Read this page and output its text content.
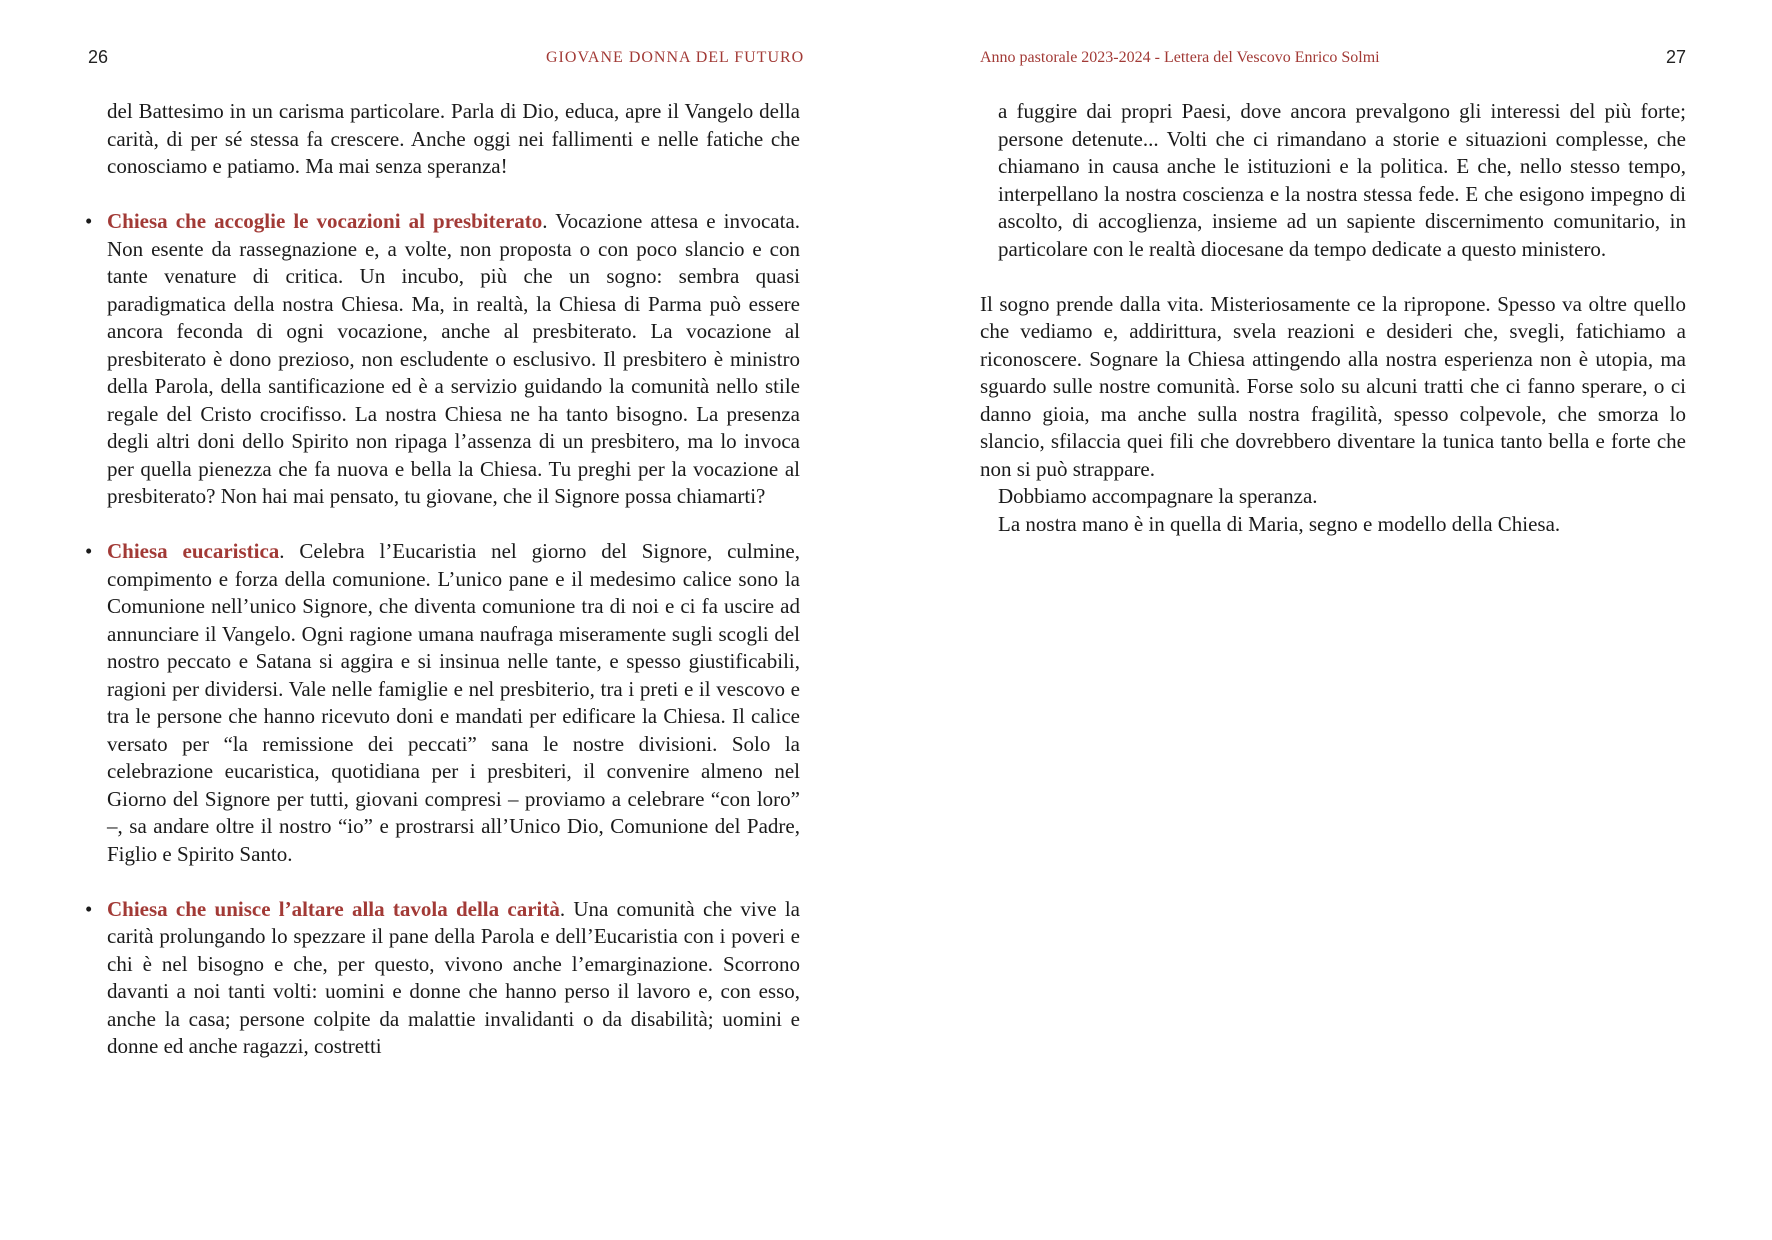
26	GIOVANE DONNA DEL FUTURO

del Battesimo in un carisma particolare. Parla di Dio, educa, apre il Vangelo della carità, di per sé stessa fa crescere. Anche oggi nei fallimenti e nelle fatiche che conosciamo e patiamo. Ma mai senza speranza!

• Chiesa che accoglie le vocazioni al presbiterato. Vocazione attesa e invocata. Non esente da rassegnazione e, a volte, non proposta o con poco slancio e con tante venature di critica. Un incubo, più che un sogno: sembra quasi paradigmatica della nostra Chiesa. Ma, in realtà, la Chiesa di Parma può essere ancora feconda di ogni vocazione, anche al presbiterato. La vocazione al presbiterato è dono prezioso, non escludente o esclusivo. Il presbitero è ministro della Parola, della santificazione ed è a servizio guidando la comunità nello stile regale del Cristo crocifisso. La nostra Chiesa ne ha tanto bisogno. La presenza degli altri doni dello Spirito non ripaga l’assenza di un presbitero, ma lo invoca per quella pienezza che fa nuova e bella la Chiesa. Tu preghi per la vocazione al presbiterato? Non hai mai pensato, tu giovane, che il Signore possa chiamarti?

• Chiesa eucaristica. Celebra l’Eucaristia nel giorno del Signore, culmine, compimento e forza della comunione. L’unico pane e il medesimo calice sono la Comunione nell’unico Signore, che diventa comunione tra di noi e ci fa uscire ad annunciare il Vangelo. Ogni ragione umana naufraga miseramente sugli scogli del nostro peccato e Satana si aggira e si insinua nelle tante, e spesso giustificabili, ragioni per dividersi. Vale nelle famiglie e nel presbiterio, tra i preti e il vescovo e tra le persone che hanno ricevuto doni e mandati per edificare la Chiesa. Il calice versato per “la remissione dei peccati” sana le nostre divisioni. Solo la celebrazione eucaristica, quotidiana per i presbiteri, il convenire almeno nel Giorno del Signore per tutti, giovani compresi – proviamo a celebrare “con loro” –, sa andare oltre il nostro “io” e prostrarsi all’Unico Dio, Comunione del Padre, Figlio e Spirito Santo.

• Chiesa che unisce l’altare alla tavola della carità. Una comunità che vive la carità prolungando lo spezzare il pane della Parola e dell’Eucaristia con i poveri e chi è nel bisogno e che, per questo, vivono anche l’emarginazione. Scorrono davanti a noi tanti volti: uomini e donne che hanno perso il lavoro e, con esso, anche la casa; persone colpite da malattie invalidanti o da disabilità; uomini e donne ed anche ragazzi, costretti

Anno pastorale 2023-2024 - Lettera del Vescovo Enrico Solmi	27

a fuggire dai propri Paesi, dove ancora prevalgono gli interessi del più forte; persone detenute... Volti che ci rimandano a storie e situazioni complesse, che chiamano in causa anche le istituzioni e la politica. E che, nello stesso tempo, interpellano la nostra coscienza e la nostra stessa fede. E che esigono impegno di ascolto, di accoglienza, insieme ad un sapiente discernimento comunitario, in particolare con le realtà diocesane da tempo dedicate a questo ministero.

Il sogno prende dalla vita. Misteriosamente ce la ripropone. Spesso va oltre quello che vediamo e, addirittura, svela reazioni e desideri che, svegli, fatichiamo a riconoscere. Sognare la Chiesa attingendo alla nostra esperienza non è utopia, ma sguardo sulle nostre comunità. Forse solo su alcuni tratti che ci fanno sperare, o ci danno gioia, ma anche sulla nostra fragilità, spesso colpevole, che smorza lo slancio, sfilaccia quei fili che dovrebbero diventare la tunica tanto bella e forte che non si può strappare.

Dobbiamo accompagnare la speranza.

La nostra mano è in quella di Maria, segno e modello della Chiesa.
